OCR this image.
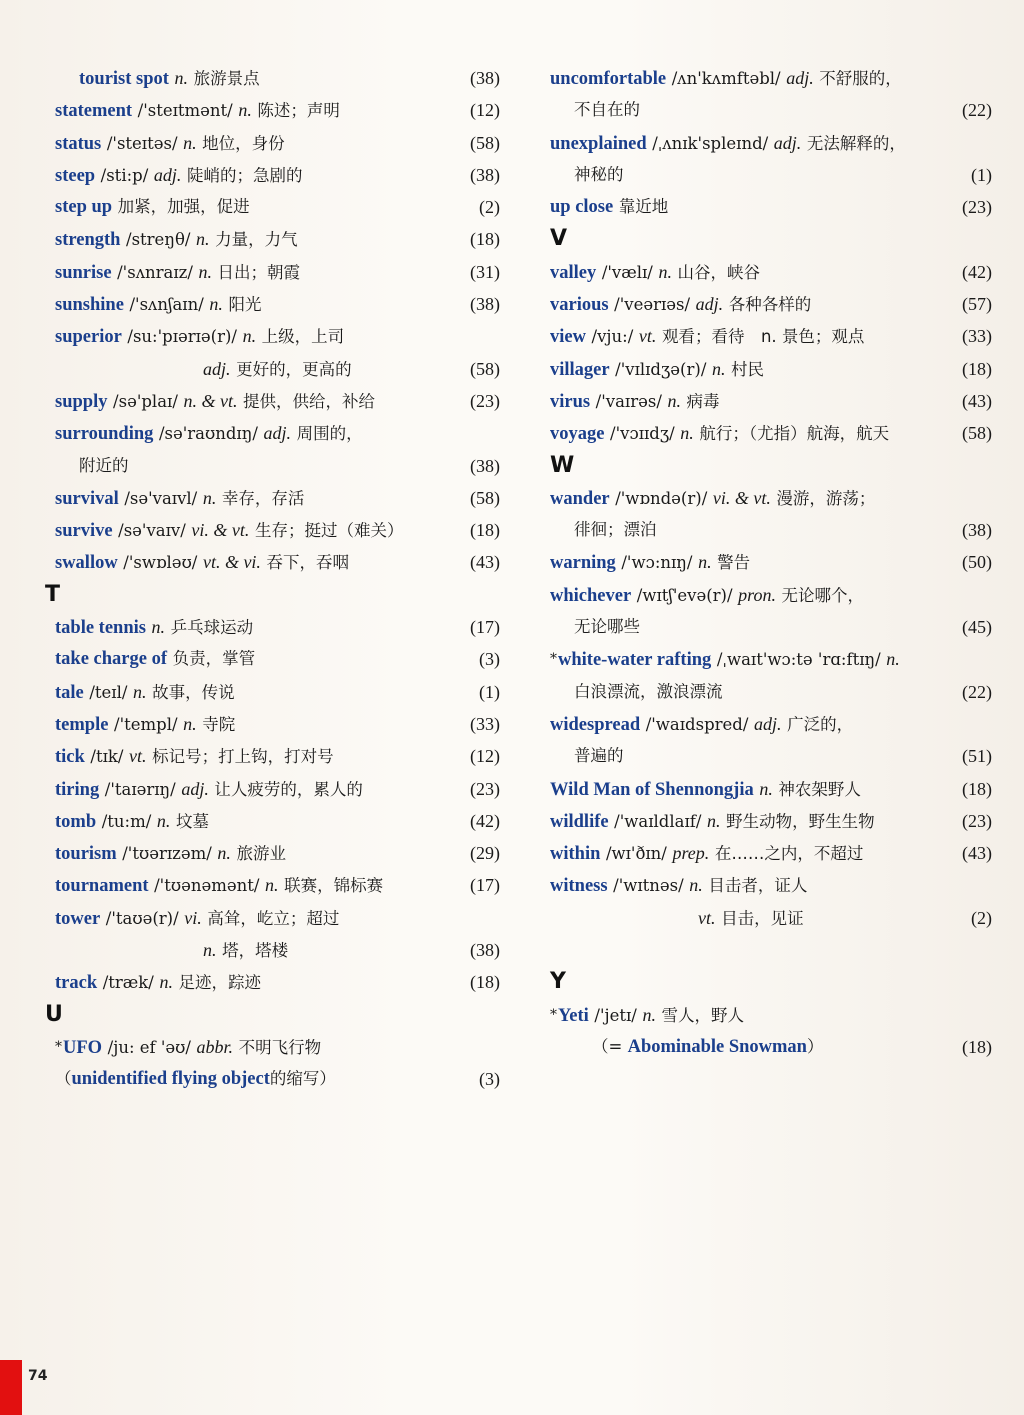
tourist spot n. 旅游景点	(38)
statement /'steɪtmənt/ n. 陈述；声明	(12)
status /'steɪtəs/ n. 地位，身份	(58)
steep /sti:p/ adj. 陡峭的；急剧的	(38)
step up 加紧，加强，促进	(2)
strength /streŋθ/ n. 力量，力气	(18)
sunrise /'sʌnraɪz/ n. 日出；朝霞	(31)
sunshine /'sʌnʃaɪn/ n. 阳光	(38)
superior /su:'pɪərɪə(r)/ n. 上级，上司
adj. 更好的，更高的	(58)
supply /sə'plaɪ/ n. & vt. 提供，供给，补给	(23)
surrounding /sə'raʊndɪŋ/ adj. 周围的，
附近的	(38)
survival /sə'vaɪvl/ n. 幸存，存活	(58)
survive /sə'vaɪv/ vi. & vt. 生存；挺过（难关）	(18)
swallow /'swɒləʊ/ vt. & vi. 吞下，吞咽	(43)
T
table tennis n. 乒乓球运动	(17)
take charge of 负责，掌管	(3)
tale /teɪl/ n. 故事，传说	(1)
temple /'templ/ n. 寺院	(33)
tick /tɪk/ vt. 标记号；打上钩，打对号	(12)
tiring /'taɪərɪŋ/ adj. 让人疲劳的，累人的	(23)
tomb /tu:m/ n. 坟墓	(42)
tourism /'tʊərɪzəm/ n. 旅游业	(29)
tournament /'tʊənəmənt/ n. 联赛，锦标赛	(17)
tower /'taʊə(r)/ vi. 高耸，屹立；超过
n. 塔，塔楼	(38)
track /træk/ n. 足迹，踪迹	(18)
U
*UFO /ju: ef 'əʊ/ abbr. 不明飞行物
（unidentified flying object的缩写）	(3)
uncomfortable /ʌn'kʌmftəbl/ adj. 不舒服的，
不自在的	(22)
unexplained /ˌʌnɪk'spleɪnd/ adj. 无法解释的，
神秘的	(1)
up close 靠近地	(23)
V
valley /'vælɪ/ n. 山谷，峡谷	(42)
various /'veərɪəs/ adj. 各种各样的	(57)
view /vju:/ vt. 观看；看待　n. 景色；观点	(33)
villager /'vɪlɪdʒə(r)/ n. 村民	(18)
virus /'vaɪrəs/ n. 病毒	(43)
voyage /'vɔɪɪdʒ/ n. 航行；（尤指）航海，航天	(58)
W
wander /'wɒndə(r)/ vi. & vt. 漫游，游荡；
徘徊；漂泊	(38)
warning /'wɔ:nɪŋ/ n. 警告	(50)
whichever /wɪtʃ'evə(r)/ pron. 无论哪个，
无论哪些	(45)
*white-water rafting /ˌwaɪt'wɔ:tə 'rɑ:ftɪŋ/ n.
白浪漂流，激浪漂流	(22)
widespread /'waɪdspred/ adj. 广泛的，
普遍的	(51)
Wild Man of Shennongjia n. 神农架野人	(18)
wildlife /'waɪldlaɪf/ n. 野生动物，野生生物	(23)
within /wɪ'ðɪn/ prep. 在……之内，不超过	(43)
witness /'wɪtnəs/ n. 目击者，证人
vt. 目击，见证	(2)
Y
*Yeti /'jetɪ/ n. 雪人，野人
（= Abominable Snowman）	(18)
74
